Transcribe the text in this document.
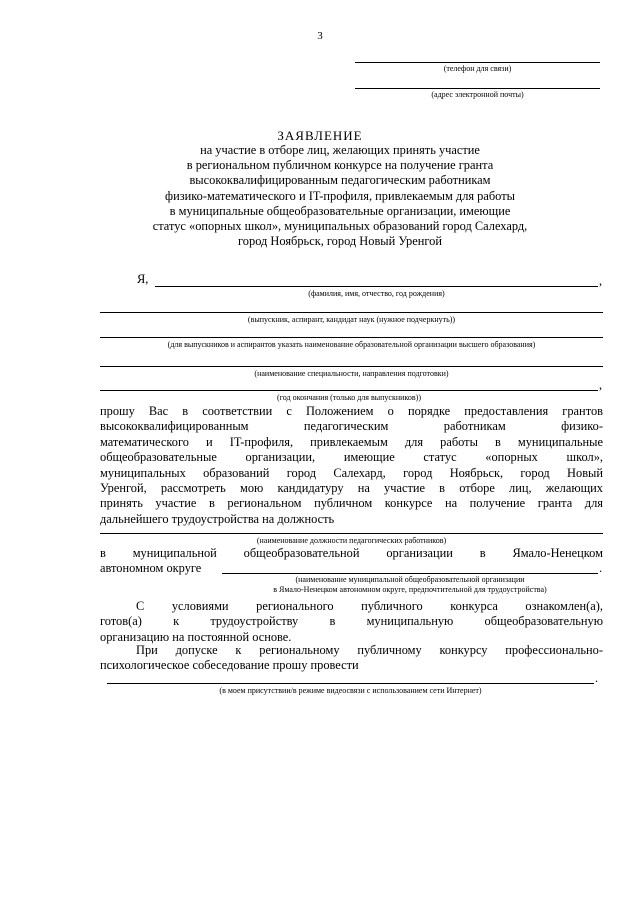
3
(телефон для связи)
(адрес электронной почты)
ЗАЯВЛЕНИЕ
на участие в отборе лиц, желающих принять участие
в региональном публичном конкурсе на получение гранта
высококвалифицированным педагогическим работникам
физико-математического и IT-профиля, привлекаемым для работы
в муниципальные общеобразовательные организации, имеющие
статус «опорных школ», муниципальных образований город Салехард,
город Ноябрьск, город Новый Уренгой
Я,	,
(фамилия, имя, отчество, год рождения)
(выпускник, аспирант, кандидат наук (нужное подчеркнуть))
(для выпускников и аспирантов указать наименование образовательной организации высшего образования)
(наименование специальности, направления подготовки)
,
(год окончания (только для выпускников))
прошу Вас в соответствии с Положением о порядке предоставления грантов
высококвалифицированным педагогическим работникам физико-
математического и IT-профиля, привлекаемым для работы в муниципальные
общеобразовательные организации, имеющие статус «опорных школ»,
муниципальных образований город Салехард, город Ноябрьск, город Новый
Уренгой, рассмотреть мою кандидатуру на участие в отборе лиц, желающих
принять участие в региональном публичном конкурсе на получение гранта для
дальнейшего трудоустройства на должность
(наименование должности педагогических работников)
в муниципальной общеобразовательной организации в Ямало-Ненецком
автономном округе	.
(наименование муниципальной общеобразовательной организации
в Ямало-Ненецком автономном округе, предпочтительной для трудоустройства)
С условиями регионального публичного конкурса ознакомлен(а),
готов(а) к трудоустройству в муниципальную общеобразовательную
организацию на постоянной основе.
При допуске к региональному публичному конкурсу профессионально-
психологическое собеседование прошу провести
.
(в моем присутствии/в режиме видеосвязи с использованием сети Интернет)
